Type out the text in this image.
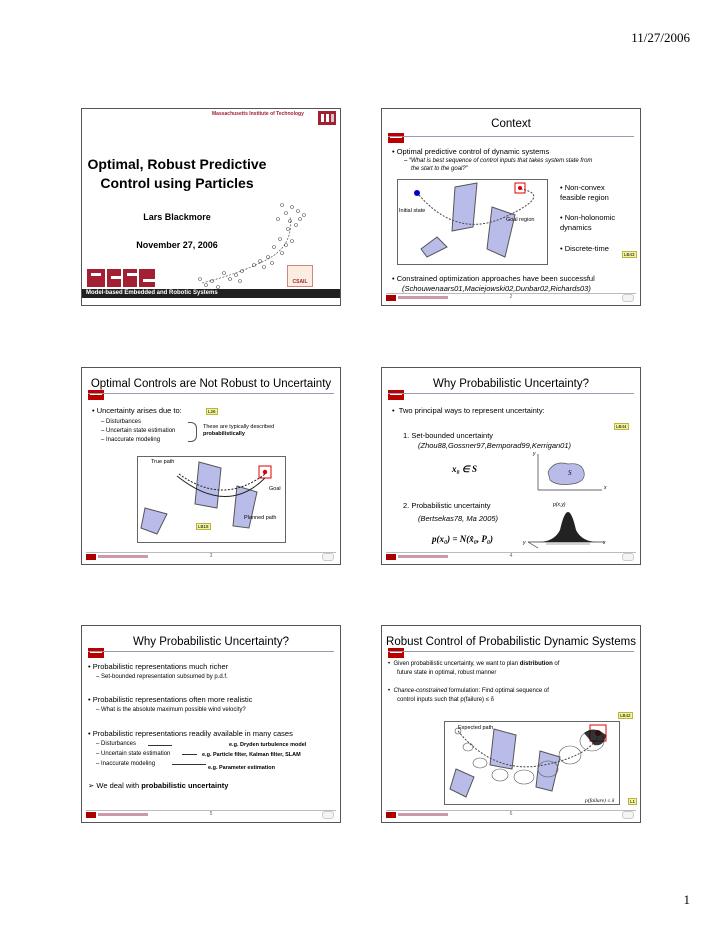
11/27/2006
1
Massachusetts Institute of Technology
Optimal, Robust Predictive
Control using Particles
Lars Blackmore
November 27, 2006
Model-based Embedded and Robotic Systems
CSAIL
Context
• Optimal predictive control of dynamic systems
– “What is best sequence of control inputs that takes system state from
the start to the goal?”
Initial state
Goal region
• Non-convex
feasible region
• Non-holonomic
dynamics
• Discrete-time
LB43
• Constrained optimization approaches have been successful
(Schouwenaars01,Maciejowski02,Dunbar02,Richards03)
2
Optimal Controls are Not Robust to Uncertainty
• Uncertainty arises due to:	L26
– Disturbances
– Uncertain state estimation
– Inaccurate modeling
These are typically described
probabilistically
True path
Goal
Planned path
LB18
3
Why Probabilistic Uncertainty?
•  Two principal ways to represent uncertainty:
LB44
1. Set-bounded uncertainty
(Zhou88,Gossner97,Bemporad99,Kerrigan01)
x₀ ∈ S	S
y
x
2. Probabilistic uncertainty
(Bertsekas78, Ma 2005)
p(x₀) = N(x̂₀, P₀)
p(x,y)
y	x
4
Why Probabilistic Uncertainty?
• Probabilistic representations much richer
– Set-bounded representation subsumed by p.d.f.
• Probabilistic representations often more realistic
– What is the absolute maximum possible wind velocity?
• Probabilistic representations readily available in many cases
– Disturbances
– Uncertain state estimation
– Inaccurate modeling
e.g. Dryden turbulence model
e.g. Particle filter, Kalman filter, SLAM
e.g. Parameter estimation
➢ We deal with probabilistic uncertainty
5
Robust Control of Probabilistic Dynamic Systems
•  Given probabilistic uncertainty, we want to plan distribution of
future state in optimal, robust manner
•  Chance-constrained formulation: Find optimal sequence of
control inputs such that p(failure) ≤ δ
LB42
Expected path
p(failure) ≤ δ	L1
6
